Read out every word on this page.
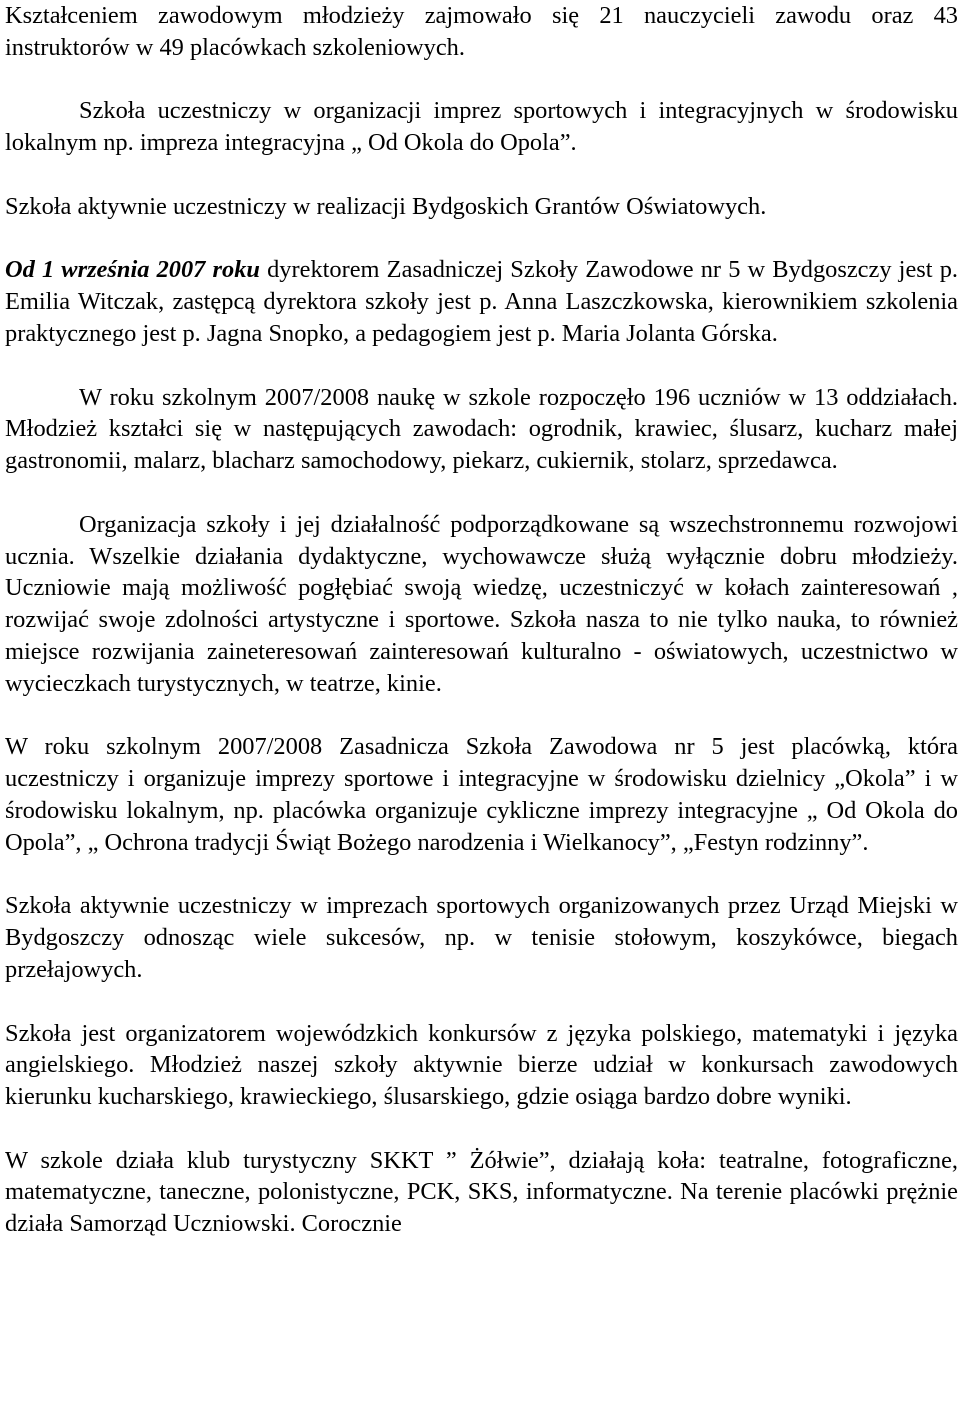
Kształceniem zawodowym młodzieży zajmowało się 21 nauczycieli zawodu oraz 43 instruktorów w 49 placówkach szkoleniowych.

Szkoła uczestniczy w organizacji imprez sportowych i integracyjnych w środowisku lokalnym np. impreza integracyjna „ Od Okola do Opola”.

Szkoła aktywnie uczestniczy w realizacji Bydgoskich Grantów Oświatowych.

Od 1 września 2007 roku dyrektorem Zasadniczej Szkoły Zawodowe nr 5 w Bydgoszczy jest p. Emilia Witczak, zastępcą dyrektora szkoły jest p. Anna Laszczkowska, kierownikiem szkolenia praktycznego jest p. Jagna Snopko, a pedagogiem jest p. Maria Jolanta Górska.

W roku szkolnym 2007/2008 naukę w szkole rozpoczęło 196 uczniów w 13 oddziałach. Młodzież kształci się w następujących zawodach: ogrodnik, krawiec, ślusarz, kucharz małej gastronomii, malarz, blacharz samochodowy, piekarz, cukiernik, stolarz, sprzedawca.

Organizacja szkoły i jej działalność podporządkowane są wszechstronnemu rozwojowi ucznia. Wszelkie działania dydaktyczne, wychowawcze służą wyłącznie dobru młodzieży. Uczniowie mają możliwość pogłębiać swoją wiedzę, uczestniczyć w kołach zainteresowań , rozwijać swoje zdolności artystyczne i sportowe. Szkoła nasza to nie tylko nauka, to również miejsce rozwijania zaineteresowań zainteresowań kulturalno - oświatowych, uczestnictwo w wycieczkach turystycznych, w teatrze, kinie.

W roku szkolnym 2007/2008 Zasadnicza Szkoła Zawodowa nr 5 jest placówką, która uczestniczy i organizuje imprezy sportowe i integracyjne w środowisku dzielnicy „Okola” i w środowisku lokalnym, np. placówka organizuje cykliczne imprezy integracyjne „ Od Okola do Opola”, „ Ochrona tradycji Świąt Bożego narodzenia i Wielkanocy”, „Festyn rodzinny”.

Szkoła aktywnie uczestniczy w imprezach sportowych organizowanych przez Urząd Miejski w Bydgoszczy odnosząc wiele sukcesów, np. w tenisie stołowym, koszykówce, biegach przełajowych.

Szkoła jest organizatorem wojewódzkich konkursów z języka polskiego, matematyki i języka angielskiego. Młodzież naszej szkoły aktywnie bierze udział w konkursach zawodowych kierunku kucharskiego, krawieckiego, ślusarskiego, gdzie osiąga bardzo dobre wyniki.

W szkole działa klub turystyczny SKKT ” Żółwie”, działają koła: teatralne, fotograficzne, matematyczne, taneczne, polonistyczne, PCK, SKS, informatyczne. Na terenie placówki prężnie działa Samorząd Uczniowski. Corocznie
